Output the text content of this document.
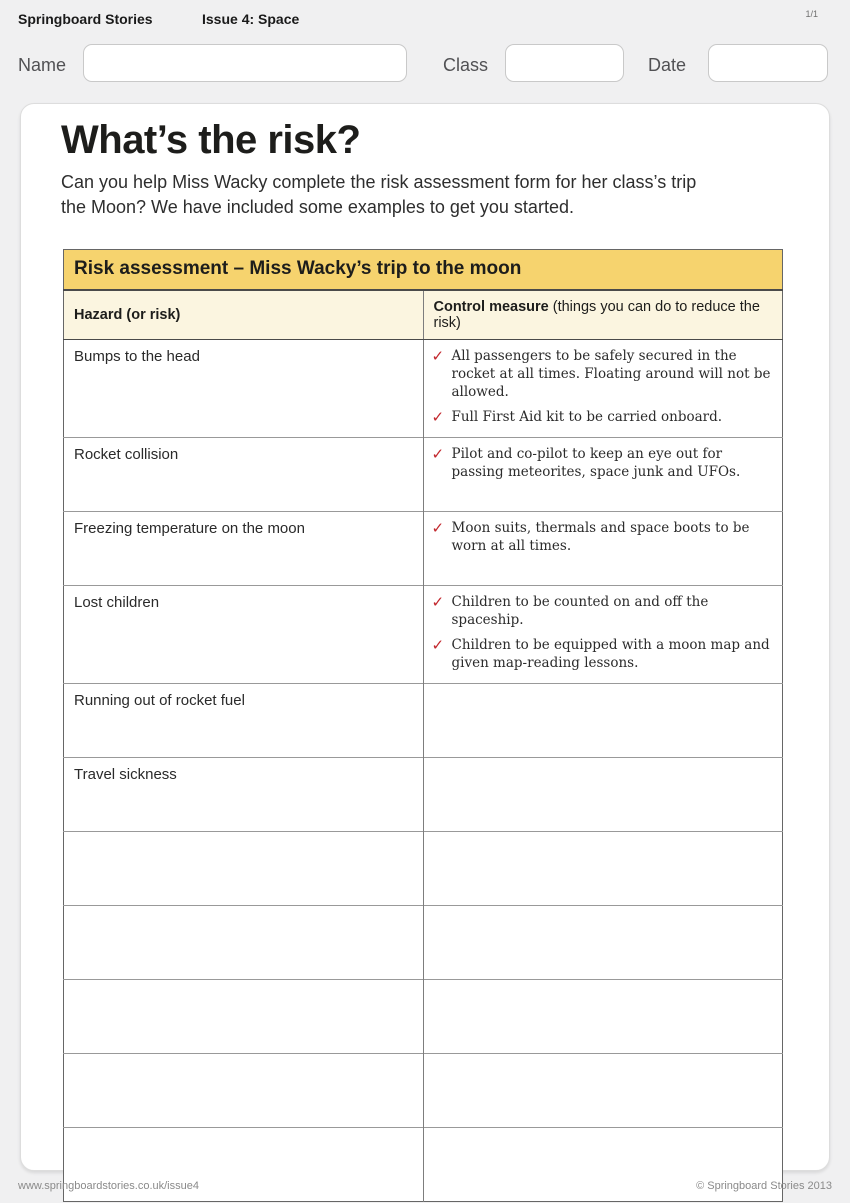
Springboard Stories	Issue 4: Space	1/1
Name	Class	Date
What’s the risk?
Can you help Miss Wacky complete the risk assessment form for her class’s trip
the Moon? We have included some examples to get you started.
Risk assessment – Miss Wacky’s trip to the moon	
Hazard (or risk)	Control measure (things you can do to reduce the risk)
Bumps to the head	✓ All passengers to be safely secured in the rocket at all times. Floating around will not be allowed.
✓ Full First Aid kit to be carried onboard.

Rocket collision	✓ Pilot and co-pilot to keep an eye out for passing meteorites, space junk and UFOs.

Freezing temperature on the moon	✓ Moon suits, thermals and space boots to be worn at all times.

Lost children	✓ Children to be counted on and off the spaceship.
✓ Children to be equipped with a moon map and given map-reading lessons.

Running out of rocket fuel	
Travel sickness	

www.springboardstories.co.uk/issue4	© Springboard Stories 2013
